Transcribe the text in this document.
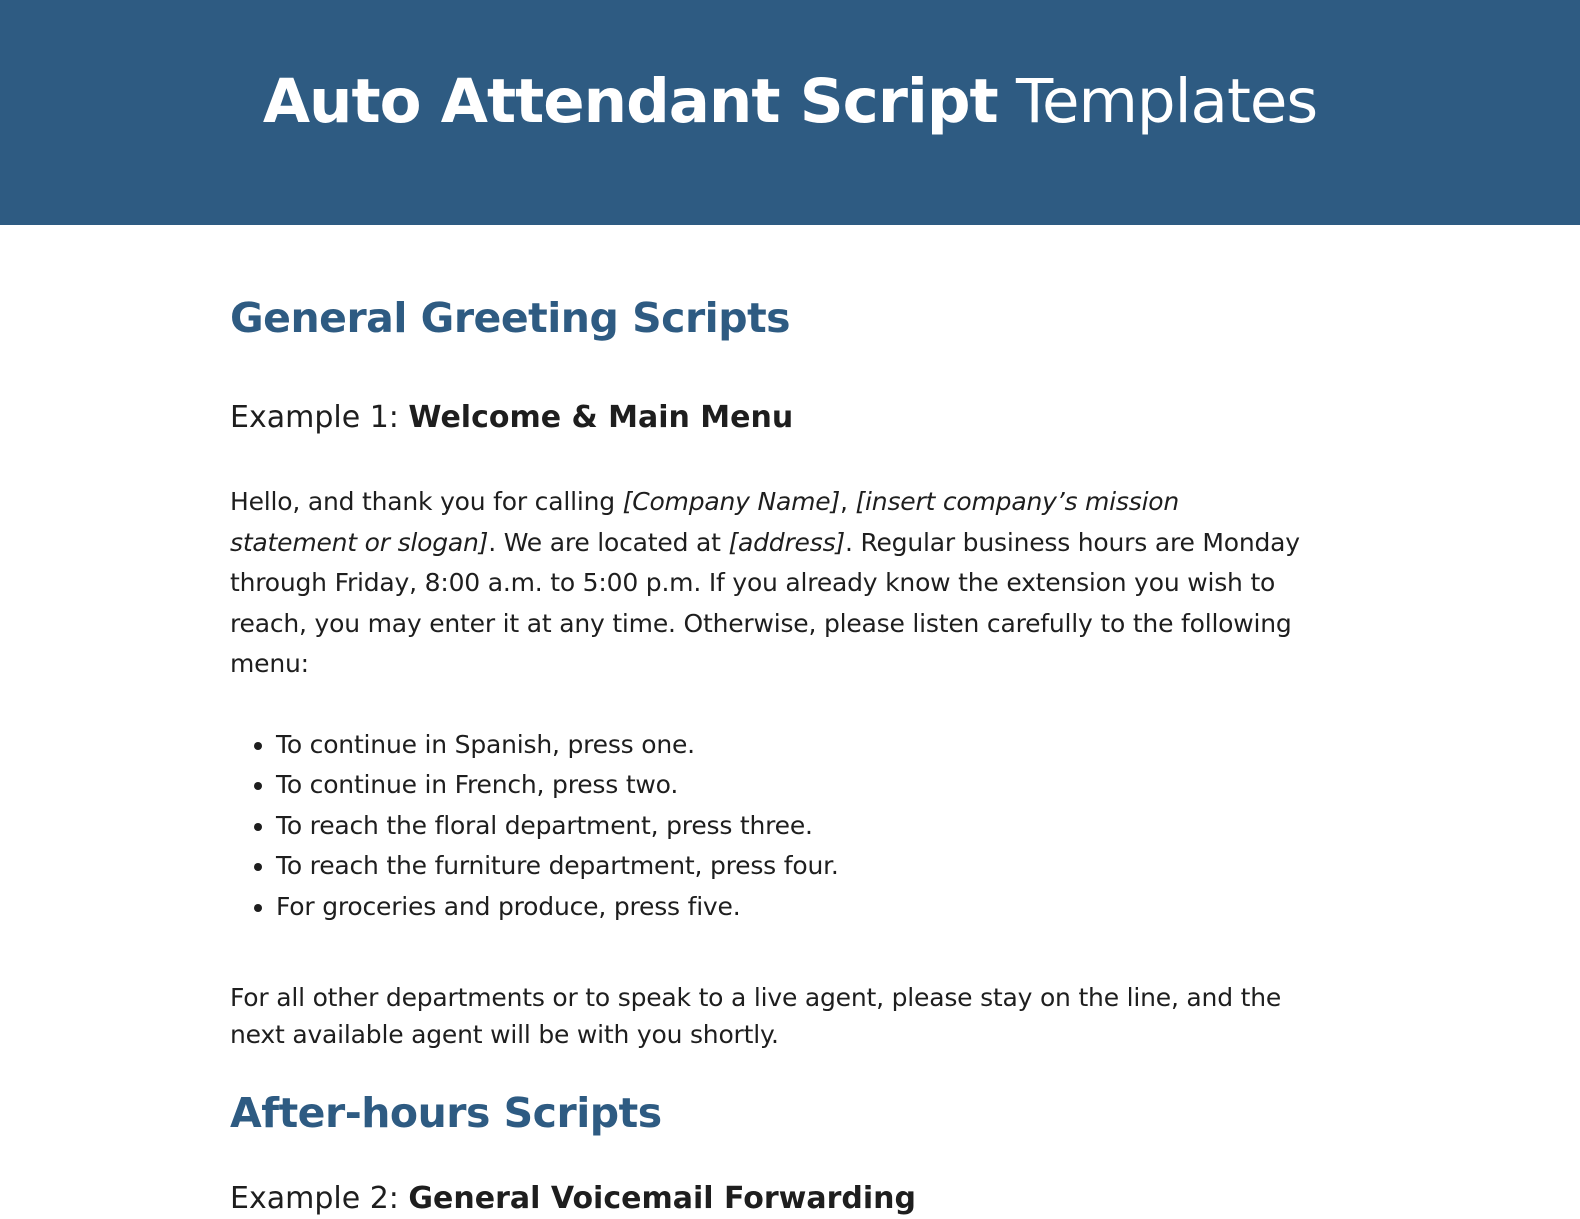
Auto Attendant Script Templates
General Greeting Scripts
Example 1: Welcome & Main Menu

Hello, and thank you for calling [Company Name], [insert company’s mission statement or slogan]. We are located at [address]. Regular business hours are Monday through Friday, 8:00 a.m. to 5:00 p.m. If you already know the extension you wish to reach, you may enter it at any time. Otherwise, please listen carefully to the following menu:

To continue in Spanish, press one.
To continue in French, press two.
To reach the floral department, press three.
To reach the furniture department, press four.
For groceries and produce, press five.

For all other departments or to speak to a live agent, please stay on the line, and the next available agent will be with you shortly.

After-hours Scripts
Example 2: General Voicemail Forwarding
